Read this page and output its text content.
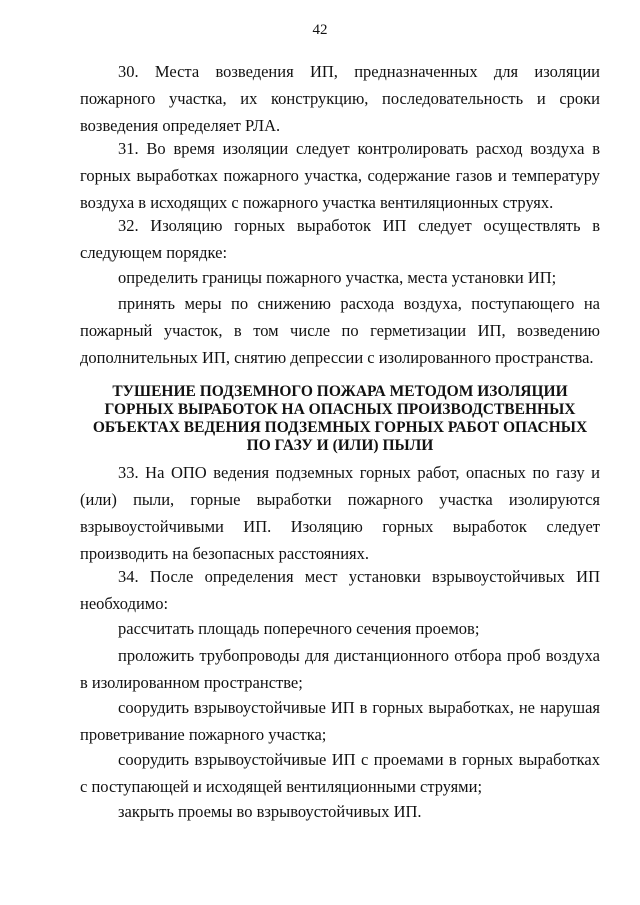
42

30. Места возведения ИП, предназначенных для изоляции пожарного участка, их конструкцию, последовательность и сроки возведения определяет РЛА.

31. Во время изоляции следует контролировать расход воздуха в горных выработках пожарного участка, содержание газов и температуру воздуха в исходящих с пожарного участка вентиляционных струях.

32. Изоляцию горных выработок ИП следует осуществлять в следующем порядке:

определить границы пожарного участка, места установки ИП;

принять меры по снижению расхода воздуха, поступающего на пожарный участок, в том числе по герметизации ИП, возведению дополнительных ИП, снятию депрессии с изолированного пространства.

ТУШЕНИЕ ПОДЗЕМНОГО ПОЖАРА МЕТОДОМ ИЗОЛЯЦИИ ГОРНЫХ ВЫРАБОТОК НА ОПАСНЫХ ПРОИЗВОДСТВЕННЫХ ОБЪЕКТАХ ВЕДЕНИЯ ПОДЗЕМНЫХ ГОРНЫХ РАБОТ ОПАСНЫХ ПО ГАЗУ И (ИЛИ) ПЫЛИ

33. На ОПО ведения подземных горных работ, опасных по газу и (или) пыли, горные выработки пожарного участка изолируются взрывоустойчивыми ИП. Изоляцию горных выработок следует производить на безопасных расстояниях.

34. После определения мест установки взрывоустойчивых ИП необходимо:

рассчитать площадь поперечного сечения проемов;

проложить трубопроводы для дистанционного отбора проб воздуха в изолированном пространстве;

соорудить взрывоустойчивые ИП в горных выработках, не нарушая проветривание пожарного участка;

соорудить взрывоустойчивые ИП с проемами в горных выработках с поступающей и исходящей вентиляционными струями;

закрыть проемы во взрывоустойчивых ИП.
